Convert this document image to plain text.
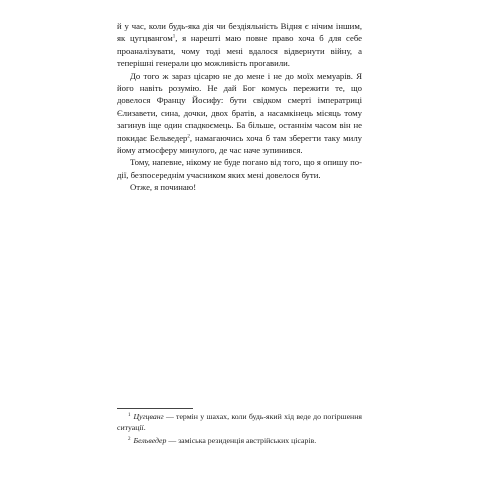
й у час, коли будь-яка дія чи бездіяльність Відня є нічим іншим, як цугцвангом$^1$, я нарешті маю повне право хоча б для себе проаналізувати, чому тоді мені вдалося відвернути війну, а теперішні генерали цю можливість прогавили.

До того ж зараз цісарю не до мене і не до моїх мемуарів. Я його навіть розумію. Не дай Бог комусь пережити те, що довелося Францу Йосифу: бути свідком смерті імператриці Єлизавети, сина, дочки, двох братів, а насамкінець місяць тому загинув іще один спадкоємець. Ба більше, останнім часом він не покидає Бельведер$^2$, намагаючись хоча б там зберегти таку милу йому атмосферу минулого, де час наче зупинився.

Тому, напевне, нікому не буде погано від того, що я опишу події, безпосереднім учасником яких мені довелося бути.

Отже, я починаю!

$^1$ Цугцванг — термін у шахах, коли будь-який хід веде до погіршення ситуації.

$^2$ Бельведер — заміська резиденція австрійських цісарів.
